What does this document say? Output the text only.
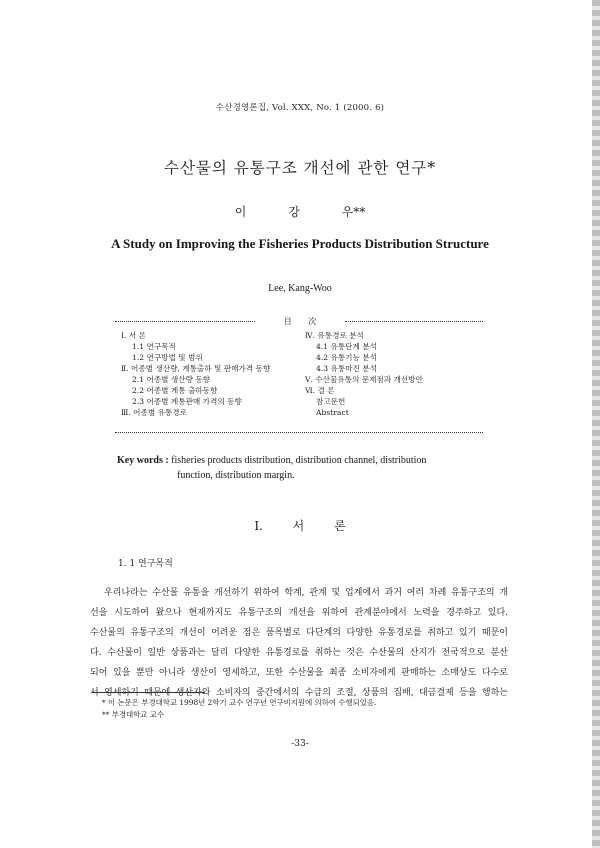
수산경영론집, Vol. XXX, No. 1 (2000. 6)
수산물의 유통구조 개선에 관한 연구*
이 강 우**
A Study on Improving the Fisheries Products Distribution Structure
Lee, Kang-Woo
目 次
Ⅰ. 서 론
1.1 연구목적
1.2 연구방법 및 범위
Ⅱ. 어종별 생산량, 계통출하 및 판매가격 동향
2.1 어종별 생산량 동향
2.2 어종별 계통 출하동향
2.3 어종별 계통판매 가격의 동향
Ⅲ. 어종별 유통경로
Ⅳ. 유통경로 분석
4.1 유통단계 분석
4.2 유통기능 분석
4.3 유통마진 분석
Ⅴ. 수산물유통의 문제점과 개선방안
Ⅵ. 결 론
참고문헌
Abstract
Key words : fisheries products distribution, distribution channel, distribution
function, distribution margin.
Ⅰ. 서 론
1. 1 연구목적
우리나라는 수산물 유통을 개선하기 위하여 학계, 관계 및 업계에서 과거 여러 차례 유통구조의 개
선을 시도하여 왔으나 현재까지도 유통구조의 개선을 위하여 관계분야에서 노력을 경주하고 있다.
수산물의 유통구조의 개선이 어려운 점은 품목별로 다단계의 다양한 유통경로를 취하고 있기 때문이
다. 수산물이 일반 상품과는 달리 다양한 유통경로를 취하는 것은 수산물의 산지가 전국적으로 분산
되어 있을 뿐만 아니라 생산이 영세하고, 또한 수산물을 최종 소비자에게 판매하는 소매상도 다수로
서 영세하기 때문에 생산자와 소비자의 중간에서의 수급의 조절, 상품의 집배, 대금결제 등을 행하는
* 이 논문은 부경대학교 1998년 2학기 교수 연구년 연구비지원에 의하여 수행되었음.
** 부경대학교 교수
-33-
